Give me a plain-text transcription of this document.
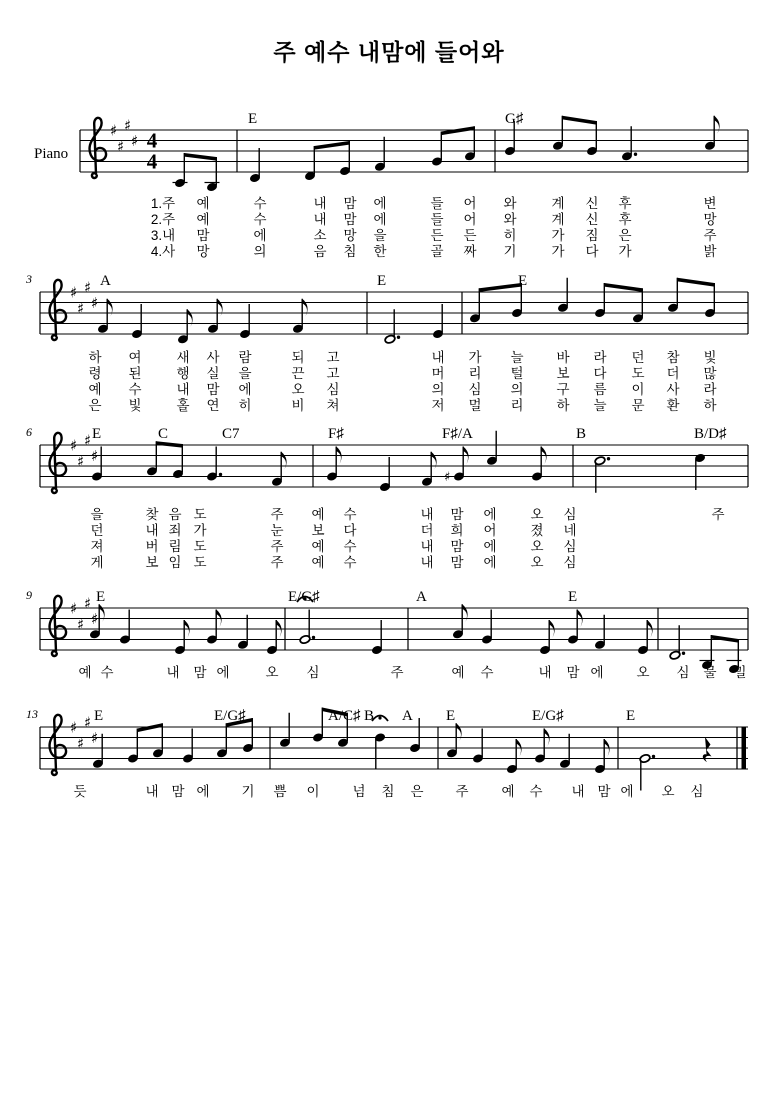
♯
♯
♯
♯ 4
4
♯
♯
♯
♯
♯
♯
♯
♯
♯
♯
♯
♯
♯
♯
♯
♯
♯
주 예수 내맘에 들어와
Piano
E	G♯
1.주 예	수	내 맘 에	들 어 와	계 신 후	변
2.주 예	수	내 맘 에	들 어 와	계 신 후	망
3.내 맘	에	소 망 을	든 든 히	가 짐 은	주
4.사 망	의	음 침 한	골 짜 기	가 다 가	밝
A	E	E
3
하 여	새 사 람	되 고	내 가 늘 바 라 던 참 빛
령 된	행 실 을	끈 고	머 리 털 보 다 도 더 많
예 수	내 맘 에	오 심	의 심 의 구 름 이 사 라
은 빛	홀 연 히	비 쳐	저 멀 리 하 늘 문 환 하
E	C	C7	F♯	F♯/A	B	B/D♯
6
을	찾 음 도	주 예 수	내 맘 에	오 심	주
던	내 죄 가	눈 보 다	더 희 어	졌 네
져	버 림 도	주 예 수	내 맘 에	오 심
게	보 임 도	주 예 수	내 맘 에	오 심
E	E/G♯	A	E
9
예 수	내 맘 에	오 심	주	예 수	내 맘 에 오 심 물 밀
E	E/G♯	A/C♯ B A E	E/G♯	E
13
듯	내 맘 에 기 쁨 이 넘 침 은 주 예 수 내 맘 에 오 심
